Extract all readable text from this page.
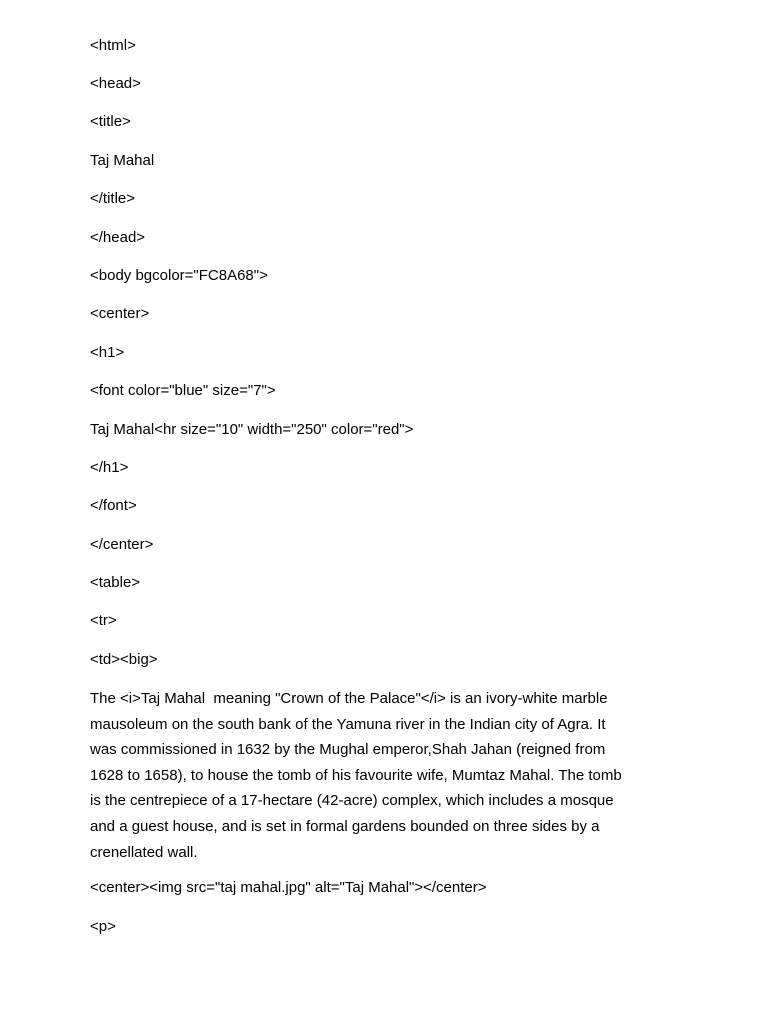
<html>

<head>

<title>

Taj Mahal

</title>

</head>

<body bgcolor="FC8A68">

<center>

<h1>

<font color="blue" size="7">

Taj Mahal<hr size="10" width="250" color="red">

</h1>

</font>

</center>

<table>

<tr>

<td><big>

The <i>Taj Mahal  meaning "Crown of the Palace"</i> is an ivory-white marble
mausoleum on the south bank of the Yamuna river in the Indian city of Agra. It
was commissioned in 1632 by the Mughal emperor,Shah Jahan (reigned from
1628 to 1658), to house the tomb of his favourite wife, Mumtaz Mahal. The tomb
is the centrepiece of a 17-hectare (42-acre) complex, which includes a mosque
and a guest house, and is set in formal gardens bounded on three sides by a
crenellated wall.

<center><img src="taj mahal.jpg" alt="Taj Mahal"></center>

<p>
